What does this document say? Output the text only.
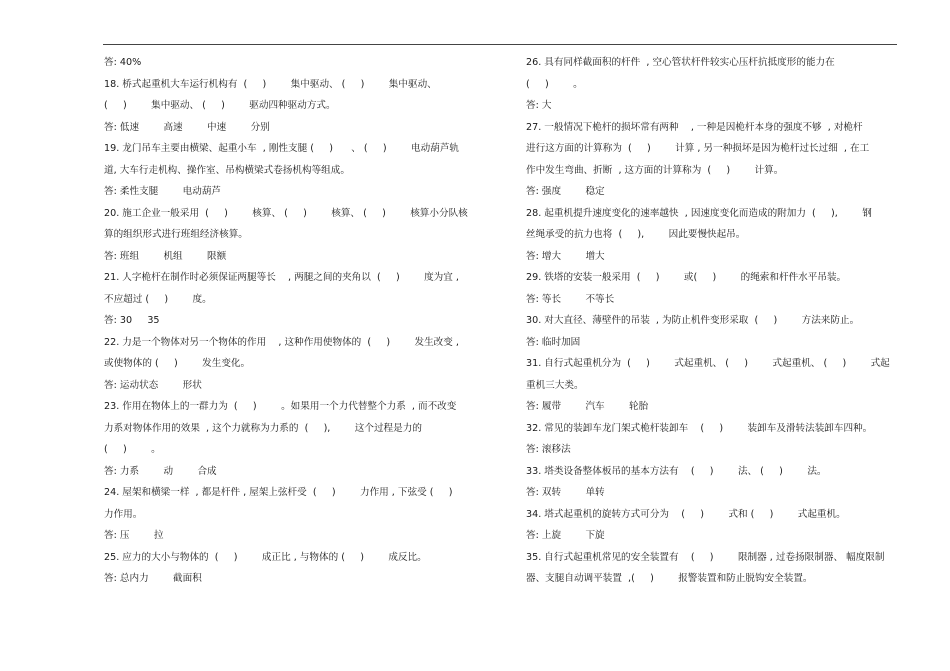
答: 40%
18. 桥式起重机大车运行机构有  (     )        集中驱动、 (     )        集中驱动、
(     )        集中驱动、 (     )        驱动四种驱动方式。
答: 低速        高速        中速        分别
19. 龙门吊车主要由横梁、起重小车  , 刚性支腿 (     )      、 (     )        电动葫芦轨
道, 大车行走机构、操作室、吊构横梁式卷扬机构等组成。
答: 柔性支腿        电动葫芦
20. 施工企业一般采用  (     )        核算、 (     )        核算、 (     )        核算小分队核
算的组织形式进行班组经济核算。
答: 班组        机组        限额
21. 人字桅杆在制作时必须保证两腿等长    , 两腿之间的夹角以  (     )        度为宜 ,
不应超过 (     )        度。
答: 30     35
22. 力是一个物体对另一个物体的作用    , 这种作用使物体的  (     )        发生改变 ,
或使物体的 (     )        发生变化。
答: 运动状态        形状
23. 作用在物体上的一群力为  (     )        。如果用一个力代替整个力系  , 而不改变
力系对物体作用的效果  , 这个力就称为力系的  (     ),        这个过程是力的
(     )        。
答: 力系        动        合成
24. 屋架和横梁一样  , 都是杆件 , 屋架上弦杆受  (     )        力作用 , 下弦受 (     )
力作用。
答: 压        拉
25. 应力的大小与物体的  (     )        成正比 , 与物体的 (     )        成反比。
答: 总内力        截面积
26. 具有同样截面积的杆件  , 空心管状杆件较实心压杆抗抵度形的能力在
(     )        。
答: 大
27. 一般情况下桅杆的损坏常有两种    , 一种是因桅杆本身的强度不够  , 对桅杆
进行这方面的计算称为  (     )        计算 , 另一种损坏是因为桅杆过长过细  , 在工
作中发生弯曲、折断  , 这方面的计算称为  (     )        计算。
答: 强度        稳定
28. 起重机提升速度变化的速率越快  , 因速度变化而造成的附加力  (     ),        钢
丝绳承受的抗力也将  (     ),        因此要慢快起吊。
答: 增大        增大
29. 铁塔的安装一般采用  (     )        或(     )        的绳索和杆件水平吊装。
答: 等长        不等长
30. 对大直径、薄壁件的吊装  , 为防止机件变形采取  (     )        方法来防止。
答: 临时加固
31. 自行式起重机分为  (     )        式起重机、 (     )        式起重机、 (     )        式起
重机三大类。
答: 履带        汽车        轮胎
32. 常见的装卸车龙门架式桅杆装卸车    (     )        装卸车及滑转法装卸车四种。
答: 滚移法
33. 塔类设备整体板吊的基本方法有    (     )        法、 (     )        法。
答: 双转        单转
34. 塔式起重机的旋转方式可分为    (     )        式和 (     )        式起重机。
答: 上旋        下旋
35. 自行式起重机常见的安全装置有    (     )        限制器 , 过卷扬限制器、 幅度限制
器、支腿自动调平装置  ,(     )        报警装置和防止脱钩安全装置。
